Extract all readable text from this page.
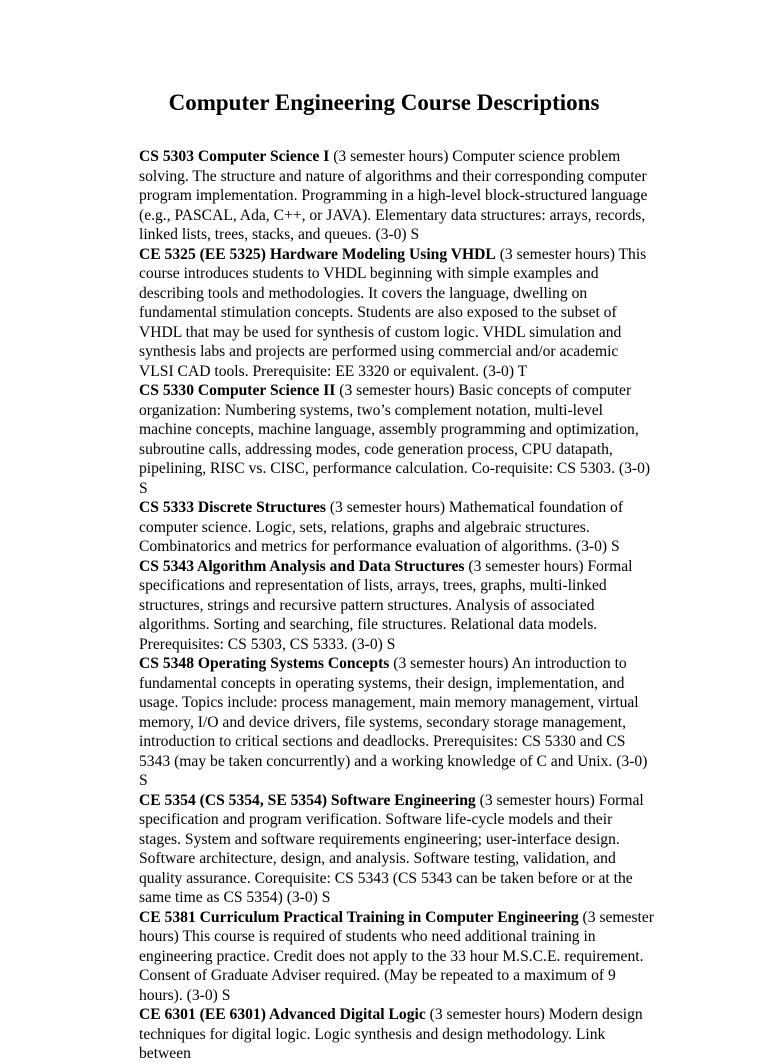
Computer Engineering Course Descriptions

CS 5303 Computer Science I (3 semester hours) Computer science problem solving. The structure and nature of algorithms and their corresponding computer program implementation. Programming in a high-level block-structured language (e.g., PASCAL, Ada, C++, or JAVA). Elementary data structures: arrays, records, linked lists, trees, stacks, and queues. (3-0) S

CE 5325 (EE 5325) Hardware Modeling Using VHDL (3 semester hours) This course introduces students to VHDL beginning with simple examples and describing tools and methodologies. It covers the language, dwelling on fundamental stimulation concepts. Students are also exposed to the subset of VHDL that may be used for synthesis of custom logic. VHDL simulation and synthesis labs and projects are performed using commercial and/or academic VLSI CAD tools. Prerequisite: EE 3320 or equivalent. (3-0) T

CS 5330 Computer Science II (3 semester hours) Basic concepts of computer organization: Numbering systems, two’s complement notation, multi-level machine concepts, machine language, assembly programming and optimization, subroutine calls, addressing modes, code generation process, CPU datapath, pipelining, RISC vs. CISC, performance calculation. Co-requisite: CS 5303. (3-0) S

CS 5333 Discrete Structures (3 semester hours) Mathematical foundation of computer science. Logic, sets, relations, graphs and algebraic structures. Combinatorics and metrics for performance evaluation of algorithms. (3-0) S

CS 5343 Algorithm Analysis and Data Structures (3 semester hours) Formal specifications and representation of lists, arrays, trees, graphs, multi-linked structures, strings and recursive pattern structures. Analysis of associated algorithms. Sorting and searching, file structures. Relational data models. Prerequisites: CS 5303, CS 5333. (3-0) S

CS 5348 Operating Systems Concepts (3 semester hours) An introduction to fundamental concepts in operating systems, their design, implementation, and usage. Topics include: process management, main memory management, virtual memory, I/O and device drivers, file systems, secondary storage management, introduction to critical sections and deadlocks. Prerequisites: CS 5330 and CS 5343 (may be taken concurrently) and a working knowledge of C and Unix. (3-0) S

CE 5354 (CS 5354, SE 5354) Software Engineering (3 semester hours) Formal specification and program verification. Software life-cycle models and their stages. System and software requirements engineering; user-interface design. Software architecture, design, and analysis. Software testing, validation, and quality assurance. Corequisite: CS 5343 (CS 5343 can be taken before or at the same time as CS 5354) (3-0) S

CE 5381 Curriculum Practical Training in Computer Engineering (3 semester hours) This course is required of students who need additional training in engineering practice. Credit does not apply to the 33 hour M.S.C.E. requirement. Consent of Graduate Adviser required. (May be repeated to a maximum of 9 hours). (3-0) S

CE 6301 (EE 6301) Advanced Digital Logic (3 semester hours) Modern design techniques for digital logic. Logic synthesis and design methodology. Link between
